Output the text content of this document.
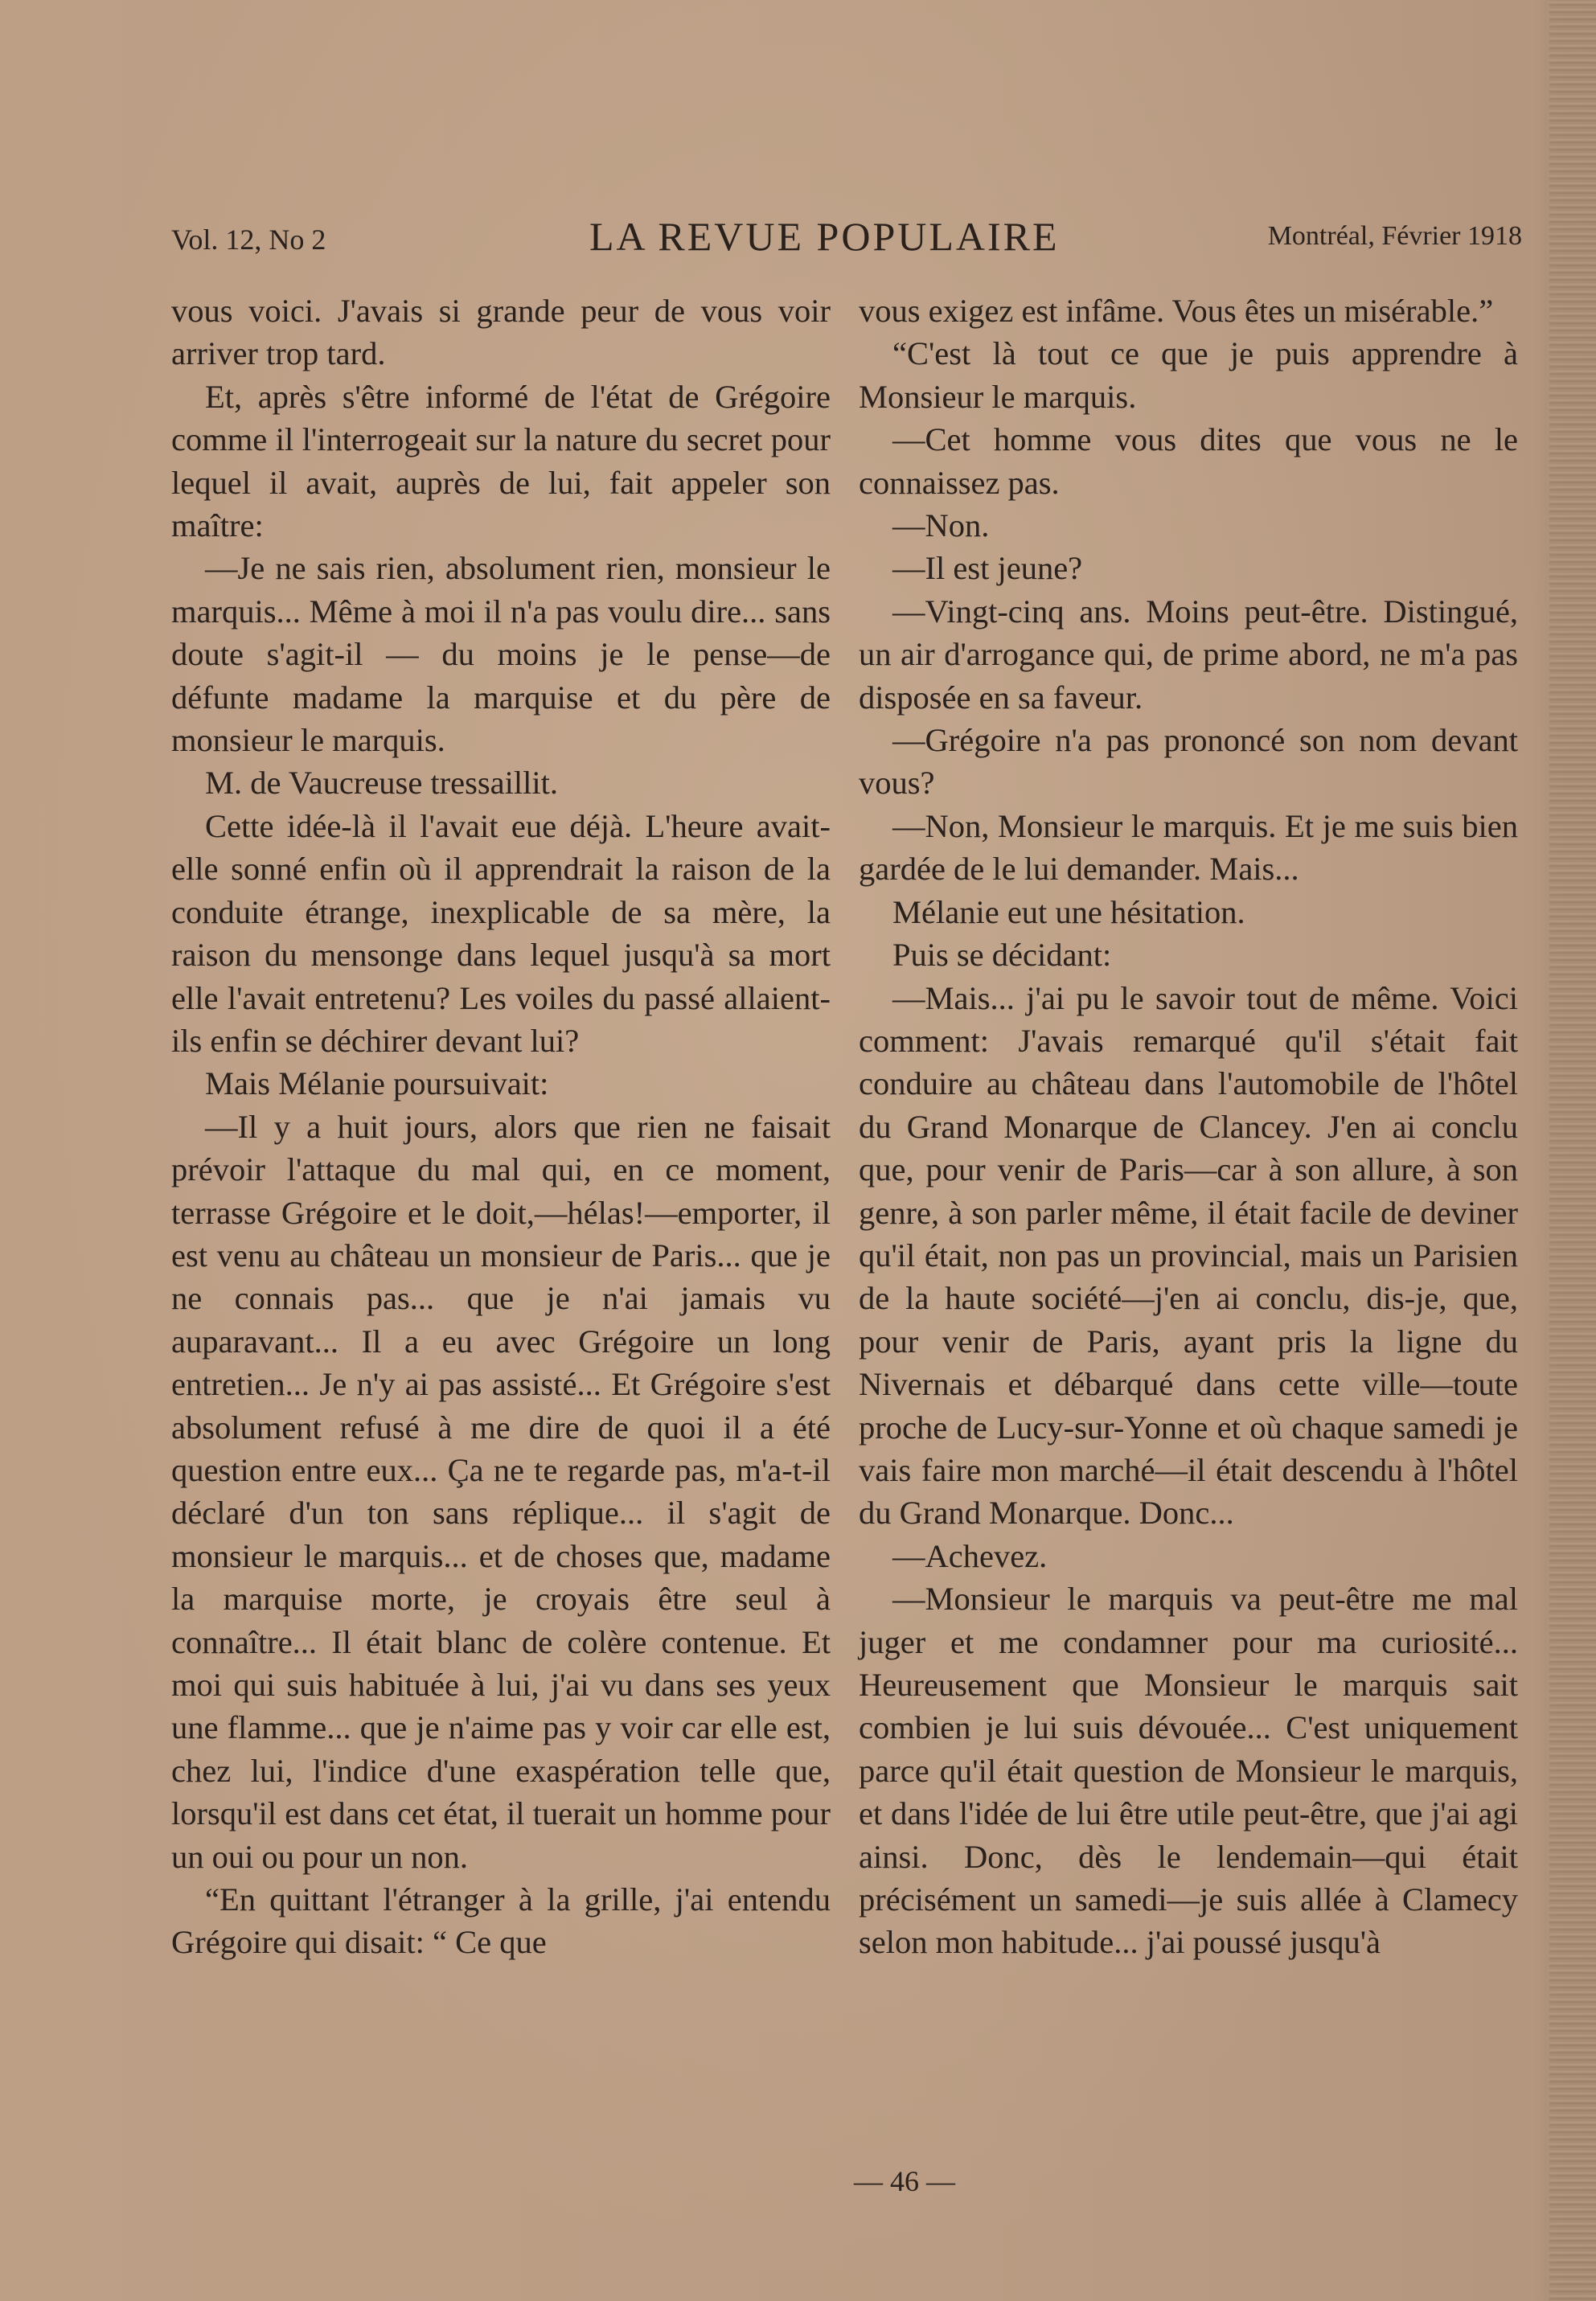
Vol. 12, No 2	LA REVUE POPULAIRE	Montréal, Février 1918

vous voici. J'avais si grande peur de vous voir arriver trop tard.

Et, après s'être informé de l'état de Grégoire comme il l'interrogeait sur la nature du secret pour lequel il avait, auprès de lui, fait appeler son maître:

—Je ne sais rien, absolument rien, monsieur le marquis... Même à moi il n'a pas voulu dire... sans doute s'agit-il — du moins je le pense—de défunte madame la marquise et du père de monsieur le marquis.

M. de Vaucreuse tressaillit.

Cette idée-là il l'avait eue déjà. L'heure avait-elle sonné enfin où il apprendrait la raison de la conduite étrange, inexplicable de sa mère, la raison du mensonge dans lequel jusqu'à sa mort elle l'avait entretenu? Les voiles du passé allaient-ils enfin se déchirer devant lui?

Mais Mélanie poursuivait:

—Il y a huit jours, alors que rien ne faisait prévoir l'attaque du mal qui, en ce moment, terrasse Grégoire et le doit,—hélas!—emporter, il est venu au château un monsieur de Paris... que je ne connais pas... que je n'ai jamais vu auparavant... Il a eu avec Grégoire un long entretien... Je n'y ai pas assisté... Et Grégoire s'est absolument refusé à me dire de quoi il a été question entre eux... Ça ne te regarde pas, m'a-t-il déclaré d'un ton sans réplique... il s'agit de monsieur le marquis... et de choses que, madame la marquise morte, je croyais être seul à connaître... Il était blanc de colère contenue. Et moi qui suis habituée à lui, j'ai vu dans ses yeux une flamme... que je n'aime pas y voir car elle est, chez lui, l'indice d'une exaspération telle que, lorsqu'il est dans cet état, il tuerait un homme pour un oui ou pour un non.

“En quittant l'étranger à la grille, j'ai entendu Grégoire qui disait: “ Ce que

vous exigez est infâme. Vous êtes un misérable.”

“C'est là tout ce que je puis apprendre à Monsieur le marquis.

—Cet homme vous dites que vous ne le connaissez pas.

—Non.

—Il est jeune?

—Vingt-cinq ans. Moins peut-être. Distingué, un air d'arrogance qui, de prime abord, ne m'a pas disposée en sa faveur.

—Grégoire n'a pas prononcé son nom devant vous?

—Non, Monsieur le marquis. Et je me suis bien gardée de le lui demander. Mais...

Mélanie eut une hésitation.

Puis se décidant:

—Mais... j'ai pu le savoir tout de même. Voici comment: J'avais remarqué qu'il s'était fait conduire au château dans l'automobile de l'hôtel du Grand Monarque de Clancey. J'en ai conclu que, pour venir de Paris—car à son allure, à son genre, à son parler même, il était facile de deviner qu'il était, non pas un provincial, mais un Parisien de la haute société—j'en ai conclu, dis-je, que, pour venir de Paris, ayant pris la ligne du Nivernais et débarqué dans cette ville—toute proche de Lucy-sur-Yonne et où chaque samedi je vais faire mon marché—il était descendu à l'hôtel du Grand Monarque. Donc...

—Achevez.

—Monsieur le marquis va peut-être me mal juger et me condamner pour ma curiosité... Heureusement que Monsieur le marquis sait combien je lui suis dévouée... C'est uniquement parce qu'il était question de Monsieur le marquis, et dans l'idée de lui être utile peut-être, que j'ai agi ainsi. Donc, dès le lendemain—qui était précisément un samedi—je suis allée à Clamecy selon mon habitude... j'ai poussé jusqu'à

— 46 —
